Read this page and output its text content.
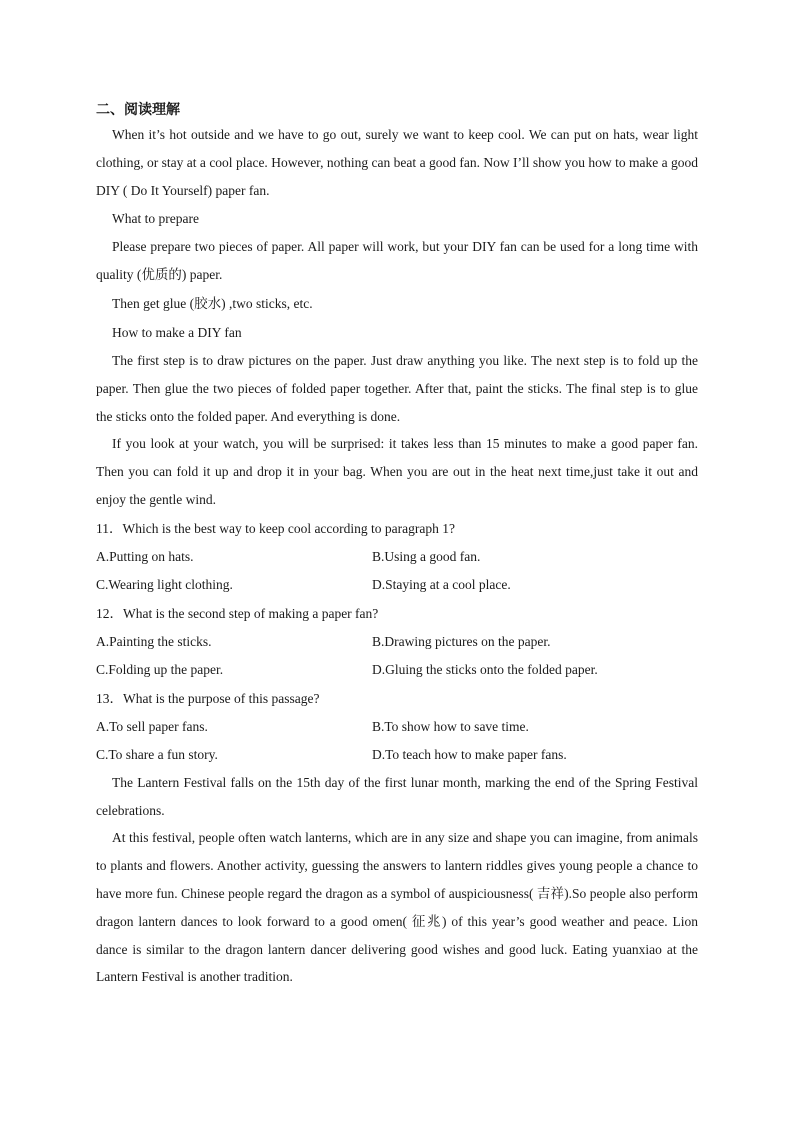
二、阅读理解
When it’s hot outside and we have to go out, surely we want to keep cool. We can put on hats, wear light clothing, or stay at a cool place. However, nothing can beat a good fan. Now I’ll show you how to make a good DIY ( Do It Yourself) paper fan.
What to prepare
Please prepare two pieces of paper. All paper will work, but your DIY fan can be used for a long time with quality (优质的) paper.
Then get glue (胶水) ,two sticks, etc.
How to make a DIY fan
The first step is to draw pictures on the paper. Just draw anything you like. The next step is to fold up the paper. Then glue the two pieces of folded paper together. After that, paint the sticks. The final step is to glue the sticks onto the folded paper. And everything is done.
If you look at your watch, you will be surprised: it takes less than 15 minutes to make a good paper fan. Then you can fold it up and drop it in your bag. When you are out in the heat next time,just take it out and enjoy the gentle wind.
11．Which is the best way to keep cool according to paragraph 1?
A.Putting on hats.	B.Using a good fan.
C.Wearing light clothing.	D.Staying at a cool place.
12．What is the second step of making a paper fan?
A.Painting the sticks.	B.Drawing pictures on the paper.
C.Folding up the paper.	D.Gluing the sticks onto the folded paper.
13．What is the purpose of this passage?
A.To sell paper fans.	B.To show how to save time.
C.To share a fun story.	D.To teach how to make paper fans.
The Lantern Festival falls on the 15th day of the first lunar month, marking the end of the Spring Festival celebrations.
At this festival, people often watch lanterns, which are in any size and shape you can imagine, from animals to plants and flowers. Another activity, guessing the answers to lantern riddles gives young people a chance to have more fun. Chinese people regard the dragon as a symbol of auspiciousness( 吉祥).So people also perform dragon lantern dances to look forward to a good omen( 征兆) of this year’s good weather and peace. Lion dance is similar to the dragon lantern dancer delivering good wishes and good luck. Eating yuanxiao at the Lantern Festival is another tradition.
